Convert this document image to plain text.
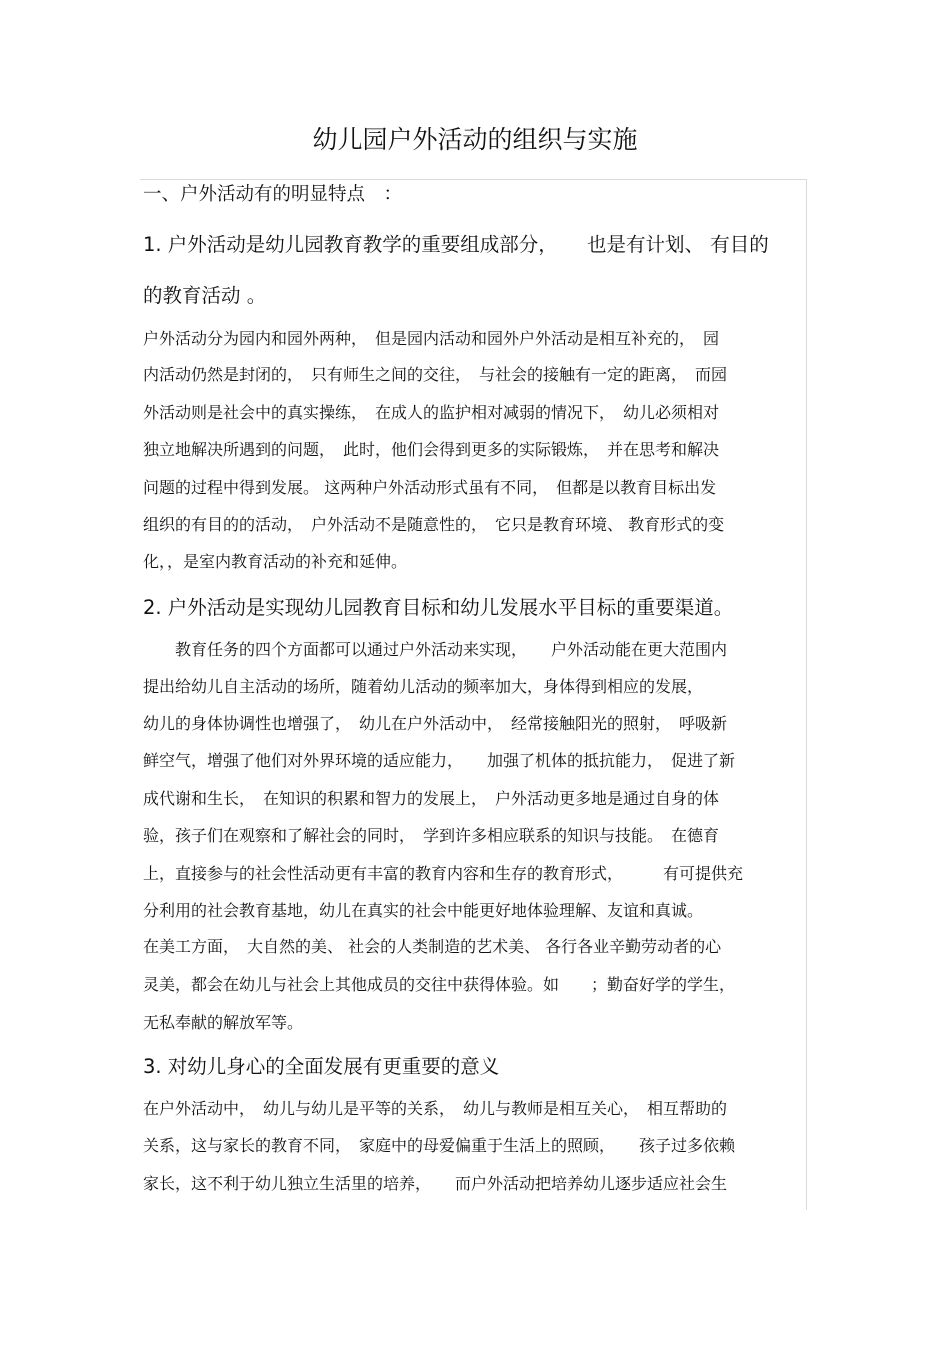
幼儿园户外活动的组织与实施
一、户外活动有的明显特点　：
1. 户外活动是幼儿园教育教学的重要组成部分，　　也是有计划、 有目的
的教育活动 。
户外活动分为园内和园外两种，　但是园内活动和园外户外活动是相互补充的，　园
内活动仍然是封闭的，　只有师生之间的交往，　与社会的接触有一定的距离，　而园
外活动则是社会中的真实操练，　在成人的监护相对减弱的情况下，　幼儿必须相对
独立地解决所遇到的问题，　此时，他们会得到更多的实际锻炼，　并在思考和解决
问题的过程中得到发展。 这两种户外活动形式虽有不同，　但都是以教育目标出发
组织的有目的的活动，　户外活动不是随意性的，　它只是教育环境、 教育形式的变
化，，是室内教育活动的补充和延伸。
2. 户外活动是实现幼儿园教育目标和幼儿发展水平目标的重要渠道。
　　教育任务的四个方面都可以通过户外活动来实现，　　户外活动能在更大范围内
提出给幼儿自主活动的场所，随着幼儿活动的频率加大，身体得到相应的发展，
幼儿的身体协调性也增强了，　幼儿在户外活动中，　经常接触阳光的照射，　呼吸新
鲜空气，增强了他们对外界环境的适应能力，　　加强了机体的抵抗能力，　促进了新
成代谢和生长，　在知识的积累和智力的发展上，　户外活动更多地是通过自身的体
验，孩子们在观察和了解社会的同时，　学到许多相应联系的知识与技能。　在德育
上，直接参与的社会性活动更有丰富的教育内容和生存的教育形式，　　　有可提供充
分利用的社会教育基地，幼儿在真实的社会中能更好地体验理解、友谊和真诚。
在美工方面，　大自然的美、 社会的人类制造的艺术美、 各行各业辛勤劳动者的心
灵美，都会在幼儿与社会上其他成员的交往中获得体验。如　　；勤奋好学的学生，
无私奉献的解放军等。
3. 对幼儿身心的全面发展有更重要的意义
在户外活动中，　幼儿与幼儿是平等的关系，　幼儿与教师是相互关心，　相互帮助的
关系，这与家长的教育不同，　家庭中的母爱偏重于生活上的照顾，　　孩子过多依赖
家长，这不利于幼儿独立生活里的培养，　　而户外活动把培养幼儿逐步适应社会生
